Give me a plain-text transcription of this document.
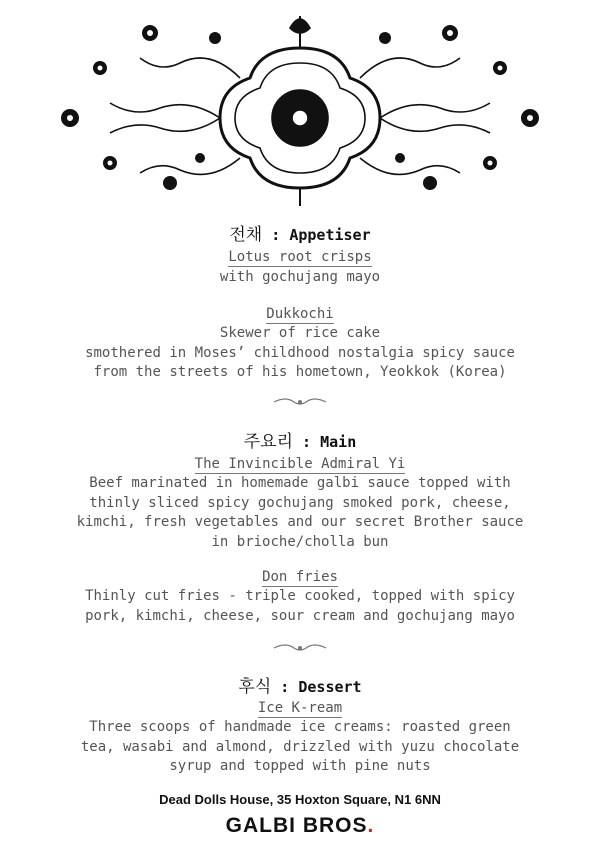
전채 : Appetiser
Lotus root crisps
with gochujang mayo
Dukkochi
Skewer of rice cake
smothered in Moses’ childhood nostalgia spicy sauce
from the streets of his hometown, Yeokkok (Korea)
주요리 : Main
The Invincible Admiral Yi
Beef marinated in homemade galbi sauce topped with
thinly sliced spicy gochujang smoked pork, cheese,
kimchi, fresh vegetables and our secret Brother sauce
in brioche/cholla bun
Don fries
Thinly cut fries - triple cooked, topped with spicy
pork, kimchi, cheese, sour cream and gochujang mayo
후식 : Dessert
Ice K-ream
Three scoops of handmade ice creams: roasted green
tea, wasabi and almond, drizzled with yuzu chocolate
syrup and topped with pine nuts
Dead Dolls House, 35 Hoxton Square, N1 6NN
GALBI BROS.
